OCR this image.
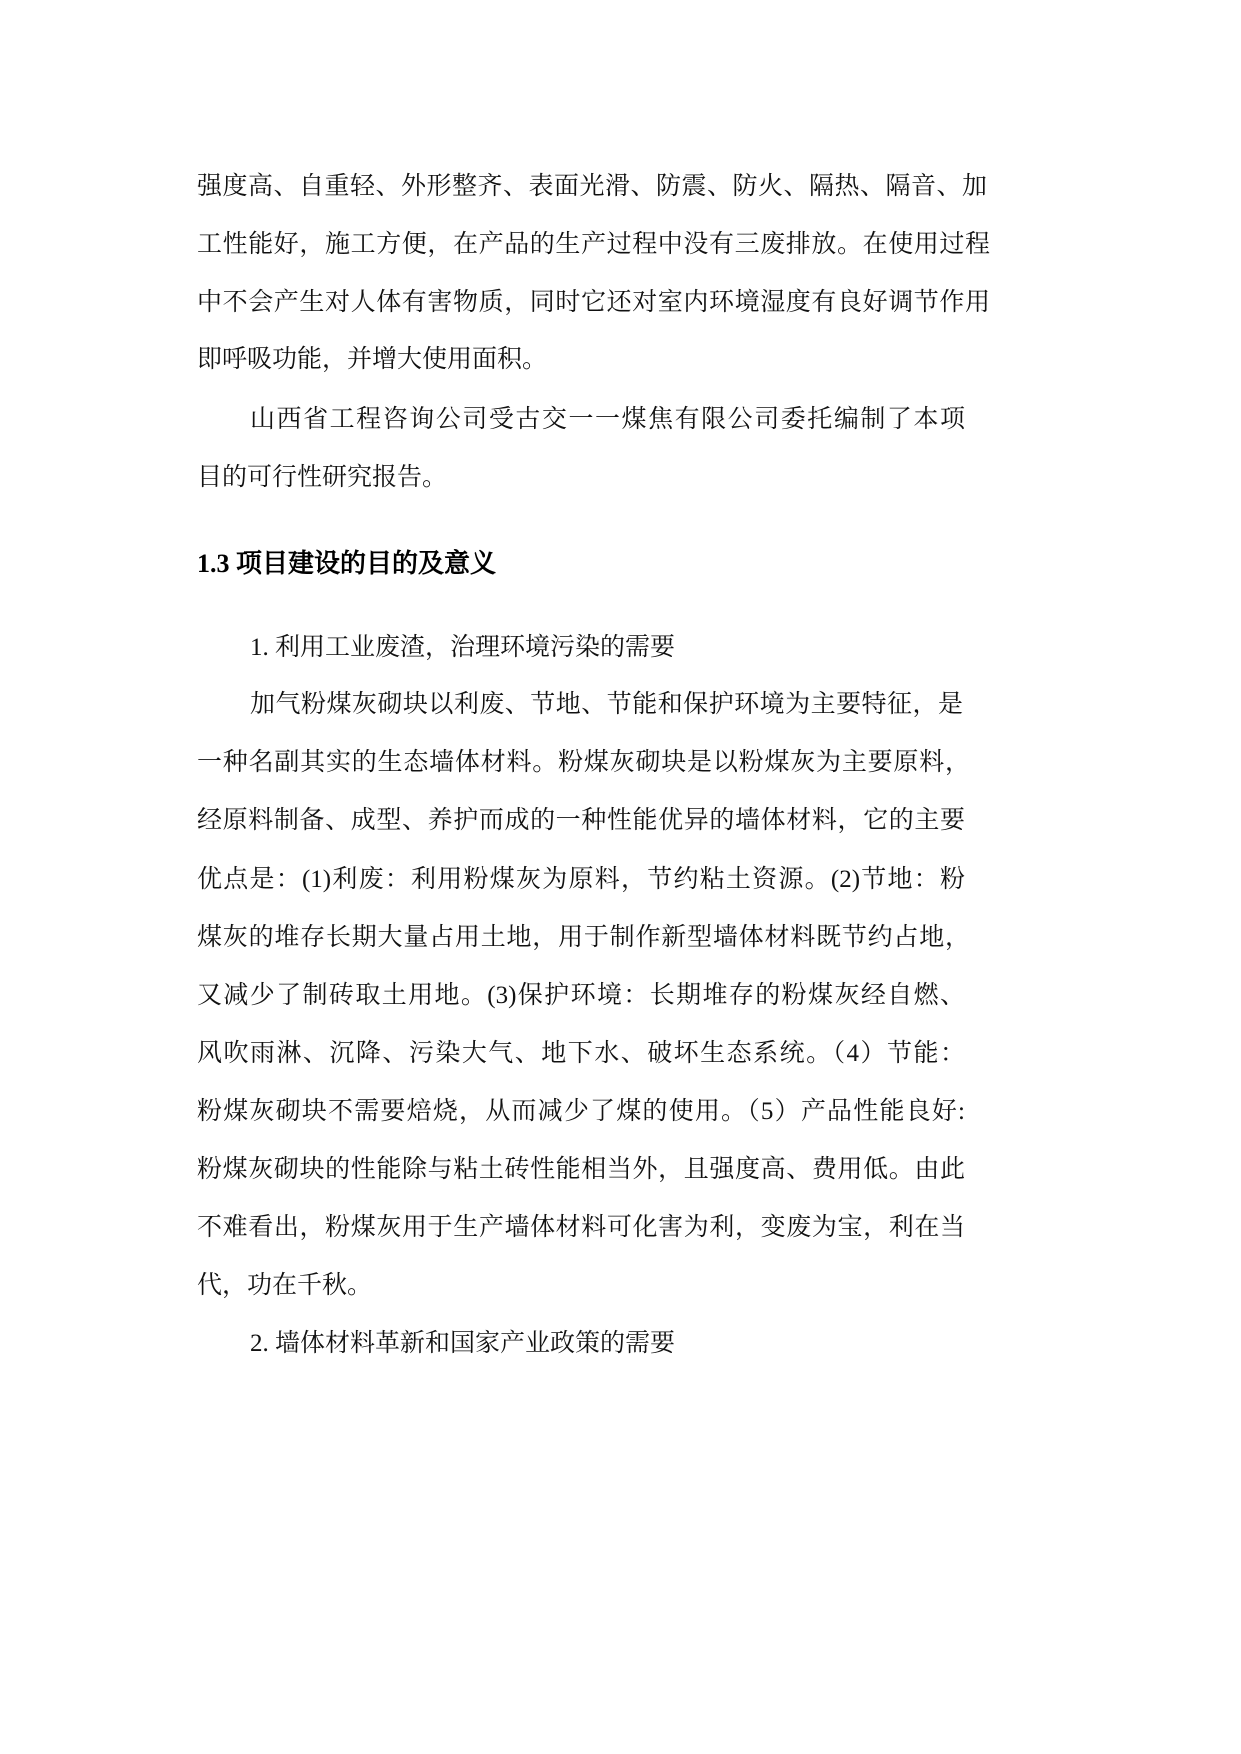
强度高、自重轻、外形整齐、表面光滑、防震、防火、隔热、隔音、加
工性能好，施工方便，在产品的生产过程中没有三废排放。在使用过程
中不会产生对人体有害物质，同时它还对室内环境湿度有良好调节作用
即呼吸功能，并增大使用面积。
山西省工程咨询公司受古交一一煤焦有限公司委托编制了本项
目的可行性研究报告。
1.3 项目建设的目的及意义
1. 利用工业废渣，治理环境污染的需要
加气粉煤灰砌块以利废、节地、节能和保护环境为主要特征，是
一种名副其实的生态墙体材料。粉煤灰砌块是以粉煤灰为主要原料，
经原料制备、成型、养护而成的一种性能优异的墙体材料，它的主要
优点是：(1)利废：利用粉煤灰为原料，节约粘土资源。(2)节地：粉
煤灰的堆存长期大量占用土地，用于制作新型墙体材料既节约占地，
又减少了制砖取土用地。(3)保护环境：长期堆存的粉煤灰经自燃、
风吹雨淋、沉降、污染大气、地下水、破坏生态系统。（4）节能：
粉煤灰砌块不需要焙烧，从而减少了煤的使用。（5）产品性能良好:
粉煤灰砌块的性能除与粘土砖性能相当外，且强度高、费用低。由此
不难看出，粉煤灰用于生产墙体材料可化害为利，变废为宝，利在当
代，功在千秋。
2. 墙体材料革新和国家产业政策的需要
